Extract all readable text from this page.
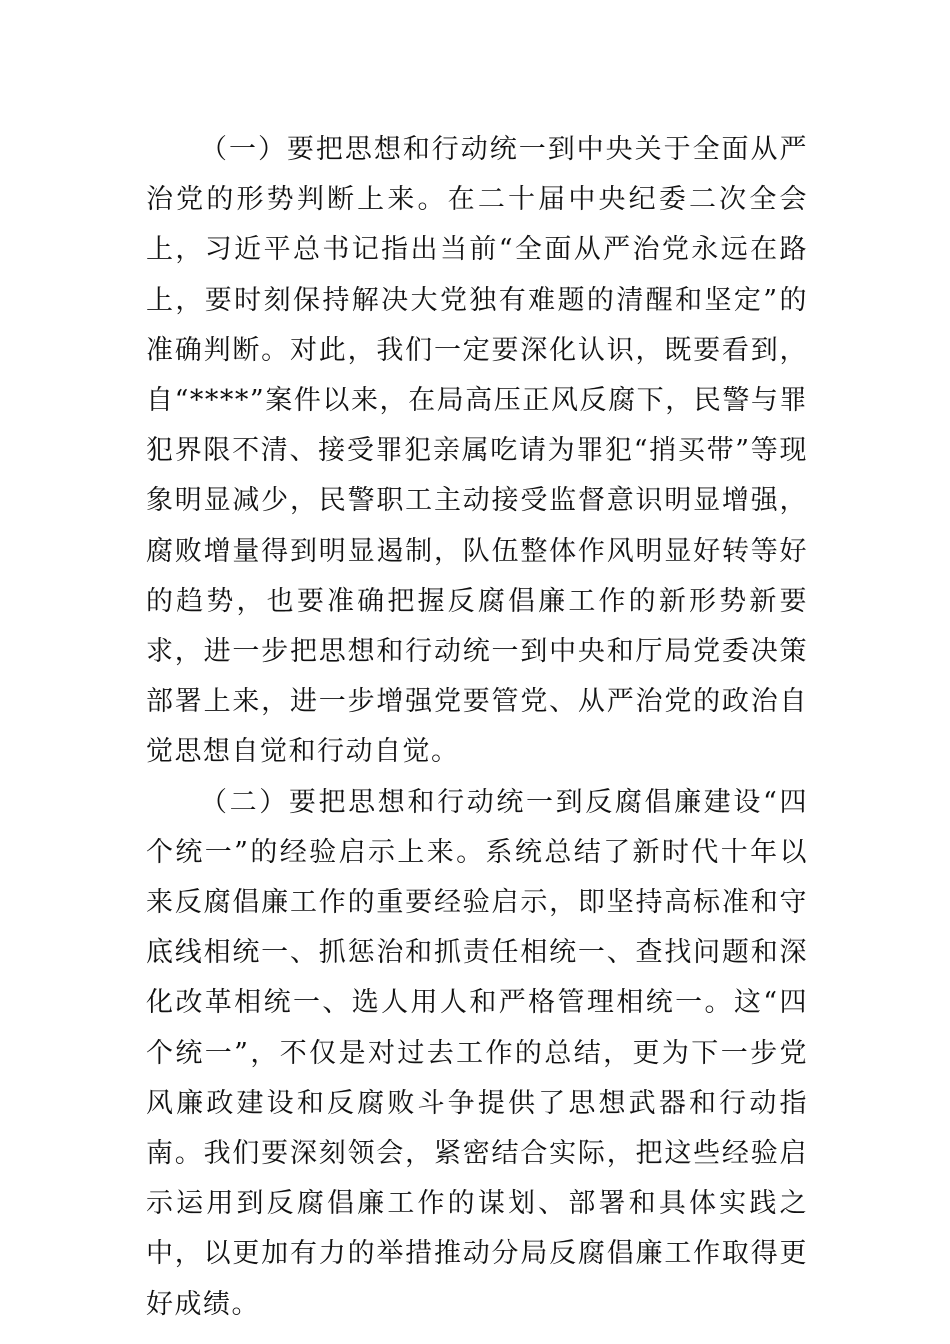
（一）要把思想和行动统一到中央关于全面从严治党的形势判断上来。在二十届中央纪委二次全会上，习近平总书记指出当前“全面从严治党永远在路上，要时刻保持解决大党独有难题的清醒和坚定”的准确判断。对此，我们一定要深化认识，既要看到，自“****”案件以来，在局高压正风反腐下，民警与罪犯界限不清、接受罪犯亲属吃请为罪犯“捎买带”等现象明显减少，民警职工主动接受监督意识明显增强，腐败增量得到明显遏制，队伍整体作风明显好转等好的趋势，也要准确把握反腐倡廉工作的新形势新要求，进一步把思想和行动统一到中央和厅局党委决策部署上来，进一步增强党要管党、从严治党的政治自觉思想自觉和行动自觉。

（二）要把思想和行动统一到反腐倡廉建设“四个统一”的经验启示上来。系统总结了新时代十年以来反腐倡廉工作的重要经验启示，即坚持高标准和守底线相统一、抓惩治和抓责任相统一、查找问题和深化改革相统一、选人用人和严格管理相统一。这“四个统一”，不仅是对过去工作的总结，更为下一步党风廉政建设和反腐败斗争提供了思想武器和行动指南。我们要深刻领会，紧密结合实际，把这些经验启示运用到反腐倡廉工作的谋划、部署和具体实践之中，以更加有力的举措推动分局反腐倡廉工作取得更好成绩。
